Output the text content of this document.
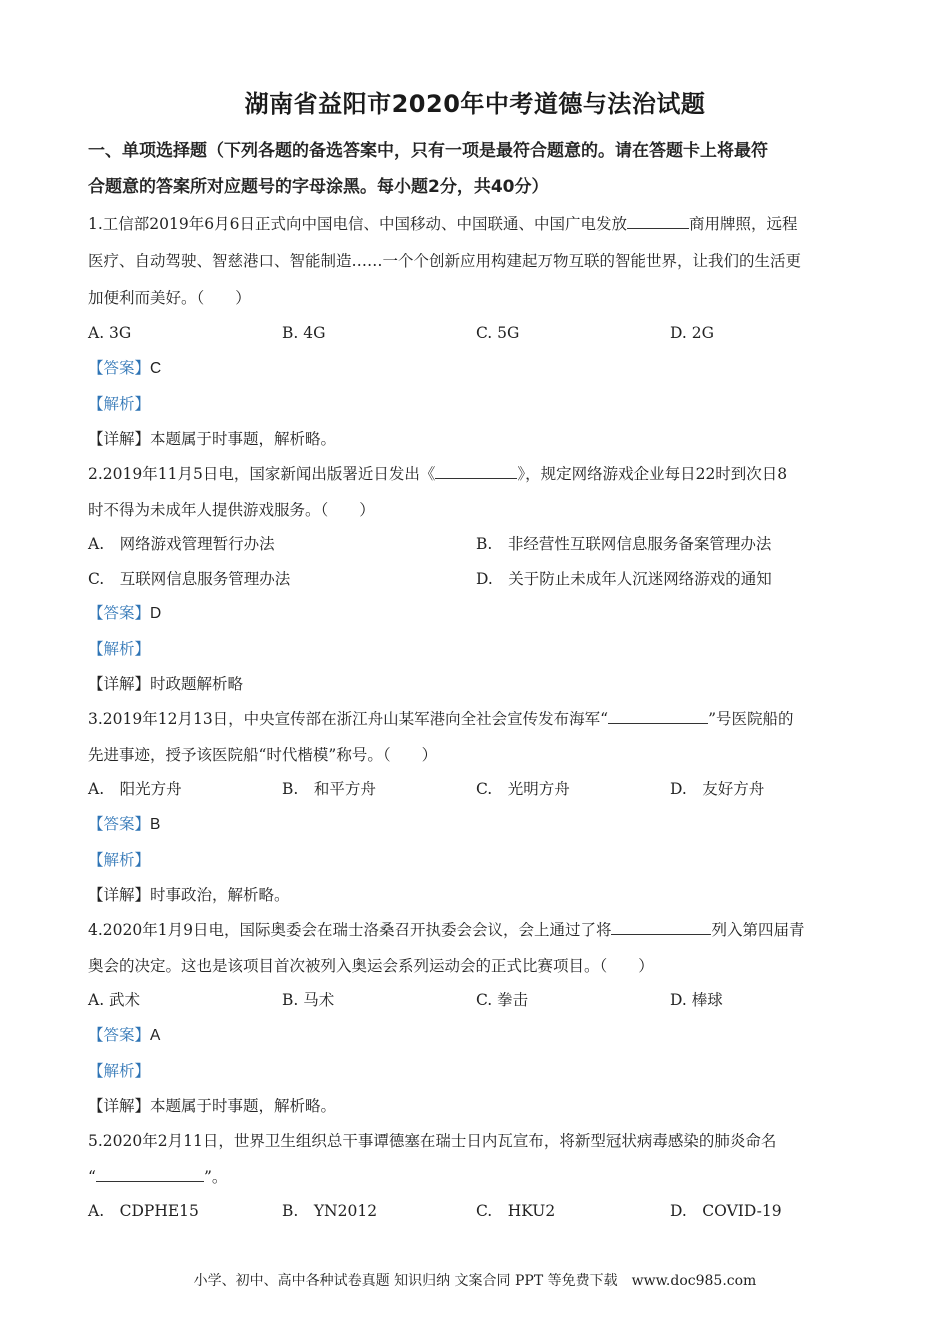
湖南省益阳市2020年中考道德与法治试题
一、单项选择题（下列各题的备选答案中，只有一项是最符合题意的。请在答题卡上将最符
合题意的答案所对应题号的字母涂黑。每小题2分，共40分）
1.工信部2019年6月6日正式向中国电信、中国移动、中国联通、中国广电发放	商用牌照，远程
医疗、自动驾驶、智慈港口、智能制造……一个个创新应用构建起万物互联的智能世界，让我们的生活更
加便利而美好。（　　）
A. 3G	B. 4G	C. 5G	D. 2G
【答案】C
【解析】
【详解】本题属于时事题，解析略。
2.2019年11月5日电，国家新闻出版署近日发出《	》，规定网络游戏企业每日22时到次日8
时不得为未成年人提供游戏服务。（　　）
A.　网络游戏管理暂行办法	B.　非经营性互联网信息服务备案管理办法
C.　互联网信息服务管理办法	D.　关于防止未成年人沉迷网络游戏的通知
【答案】D
【解析】
【详解】时政题解析略
3.2019年12月13日，中央宣传部在浙江舟山某军港向全社会宣传发布海军“	”号医院船的
先进事迹，授予该医院船“时代楷模”称号。（　　）
A.　阳光方舟	B.　和平方舟	C.　光明方舟	D.　友好方舟
【答案】B
【解析】
【详解】时事政治，解析略。
4.2020年1月9日电，国际奥委会在瑞士洛桑召开执委会会议，会上通过了将	列入第四届青
奥会的决定。这也是该项目首次被列入奥运会系列运动会的正式比赛项目。（　　）
A. 武术	B. 马术	C. 拳击	D. 棒球
【答案】A
【解析】
【详解】本题属于时事题，解析略。
5.2020年2月11日，世界卫生组织总干事谭德塞在瑞士日内瓦宣布，将新型冠状病毒感染的肺炎命名
“	”。
A.　CDPHE15	B.　YN2012	C.　HKU2	D.　COVID-19
小学、初中、高中各种试卷真题 知识归纳 文案合同 PPT 等免费下载　www.doc985.com
